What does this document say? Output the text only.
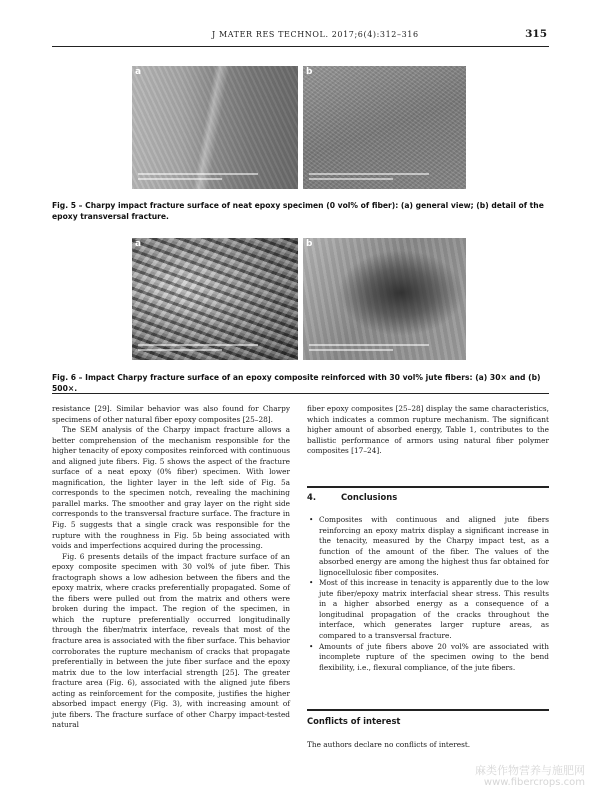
J MATER RES TECHNOL. 2017;6(4):312–316	315
a	b
Fig. 5 – Charpy impact fracture surface of neat epoxy specimen (0 vol% of fiber): (a) general view; (b) detail of the epoxy transversal fracture.
a	b
Fig. 6 – Impact Charpy fracture surface of an epoxy composite reinforced with 30 vol% jute fibers: (a) 30× and (b) 500×.

resistance [29]. Similar behavior was also found for Charpy specimens of other natural fiber epoxy composites [25–28].

The SEM analysis of the Charpy impact fracture allows a better comprehension of the mechanism responsible for the higher tenacity of epoxy composites reinforced with continuous and aligned jute fibers. Fig. 5 shows the aspect of the fracture surface of a neat epoxy (0% fiber) specimen. With lower magnification, the lighter layer in the left side of Fig. 5a corresponds to the specimen notch, revealing the machining parallel marks. The smoother and gray layer on the right side corresponds to the transversal fracture surface. The fracture in Fig. 5 suggests that a single crack was responsible for the rupture with the roughness in Fig. 5b being associated with voids and imperfections acquired during the processing.

Fig. 6 presents details of the impact fracture surface of an epoxy composite specimen with 30 vol% of jute fiber. This fractograph shows a low adhesion between the fibers and the epoxy matrix, where cracks preferentially propagated. Some of the fibers were pulled out from the matrix and others were broken during the impact. The region of the specimen, in which the rupture preferentially occurred longitudinally through the fiber/matrix interface, reveals that most of the fracture area is associated with the fiber surface. This behavior corroborates the rupture mechanism of cracks that propagate preferentially in between the jute fiber surface and the epoxy matrix due to the low interfacial strength [25]. The greater fracture area (Fig. 6), associated with the aligned jute fibers acting as reinforcement for the composite, justifies the higher absorbed impact energy (Fig. 3), with increasing amount of jute fibers. The fracture surface of other Charpy impact-tested natural

fiber epoxy composites [25–28] display the same characteristics, which indicates a common rupture mechanism. The significant higher amount of absorbed energy, Table 1, contributes to the ballistic performance of armors using natural fiber polymer composites [17–24].

4.	Conclusions
• Composites with continuous and aligned jute fibers reinforcing an epoxy matrix display a significant increase in the tenacity, measured by the Charpy impact test, as a function of the amount of the fiber. The values of the absorbed energy are among the highest thus far obtained for lignocellulosic fiber composites.
• Most of this increase in tenacity is apparently due to the low jute fiber/epoxy matrix interfacial shear stress. This results in a higher absorbed energy as a consequence of a longitudinal propagation of the cracks throughout the interface, which generates larger rupture areas, as compared to a transversal fracture.
• Amounts of jute fibers above 20 vol% are associated with incomplete rupture of the specimen owing to the bend flexibility, i.e., flexural compliance, of the jute fibers.
Conflicts of interest

The authors declare no conflicts of interest.

麻类作物营养与施肥网
www.fibercrops.com
